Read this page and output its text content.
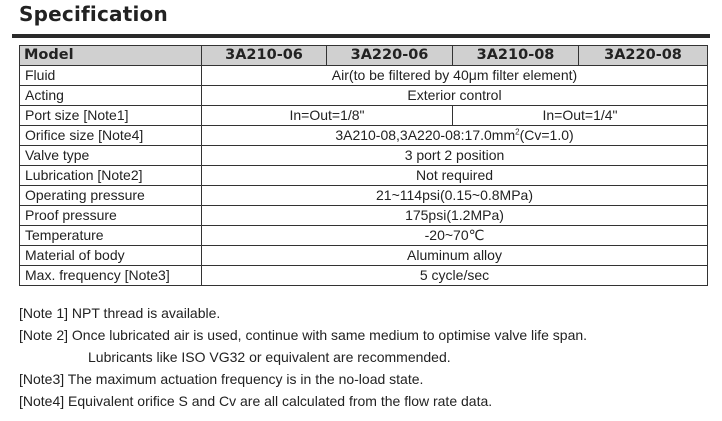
Specification
Model	3A210-06	3A220-06	3A210-08	3A220-08
Fluid	Air(to be filtered by 40μm filter element)			
Acting	Exterior control			
Port size [Note1]	In=Out=1/8"		In=Out=1/4"	
Orifice size [Note4]	$3A210-08,3A220-08:17.0mm^2(Cv=1.0)$			
Valve type	3 port 2 position			
Lubrication [Note2]	Not required			
Operating pressure	21~114psi(0.15~0.8MPa)			
Proof pressure	175psi(1.2MPa)			
Temperature	-20~70℃			
Material of body	Aluminum alloy			
Max. frequency [Note3]	5 cycle/sec			
[Note 1] NPT thread is available.
[Note 2] Once lubricated air is used, continue with same medium to optimise valve life span.
Lubricants like ISO VG32 or equivalent are recommended.
[Note3] The maximum actuation frequency is in the no-load state.
[Note4] Equivalent orifice S and Cv are all calculated from the flow rate data.
